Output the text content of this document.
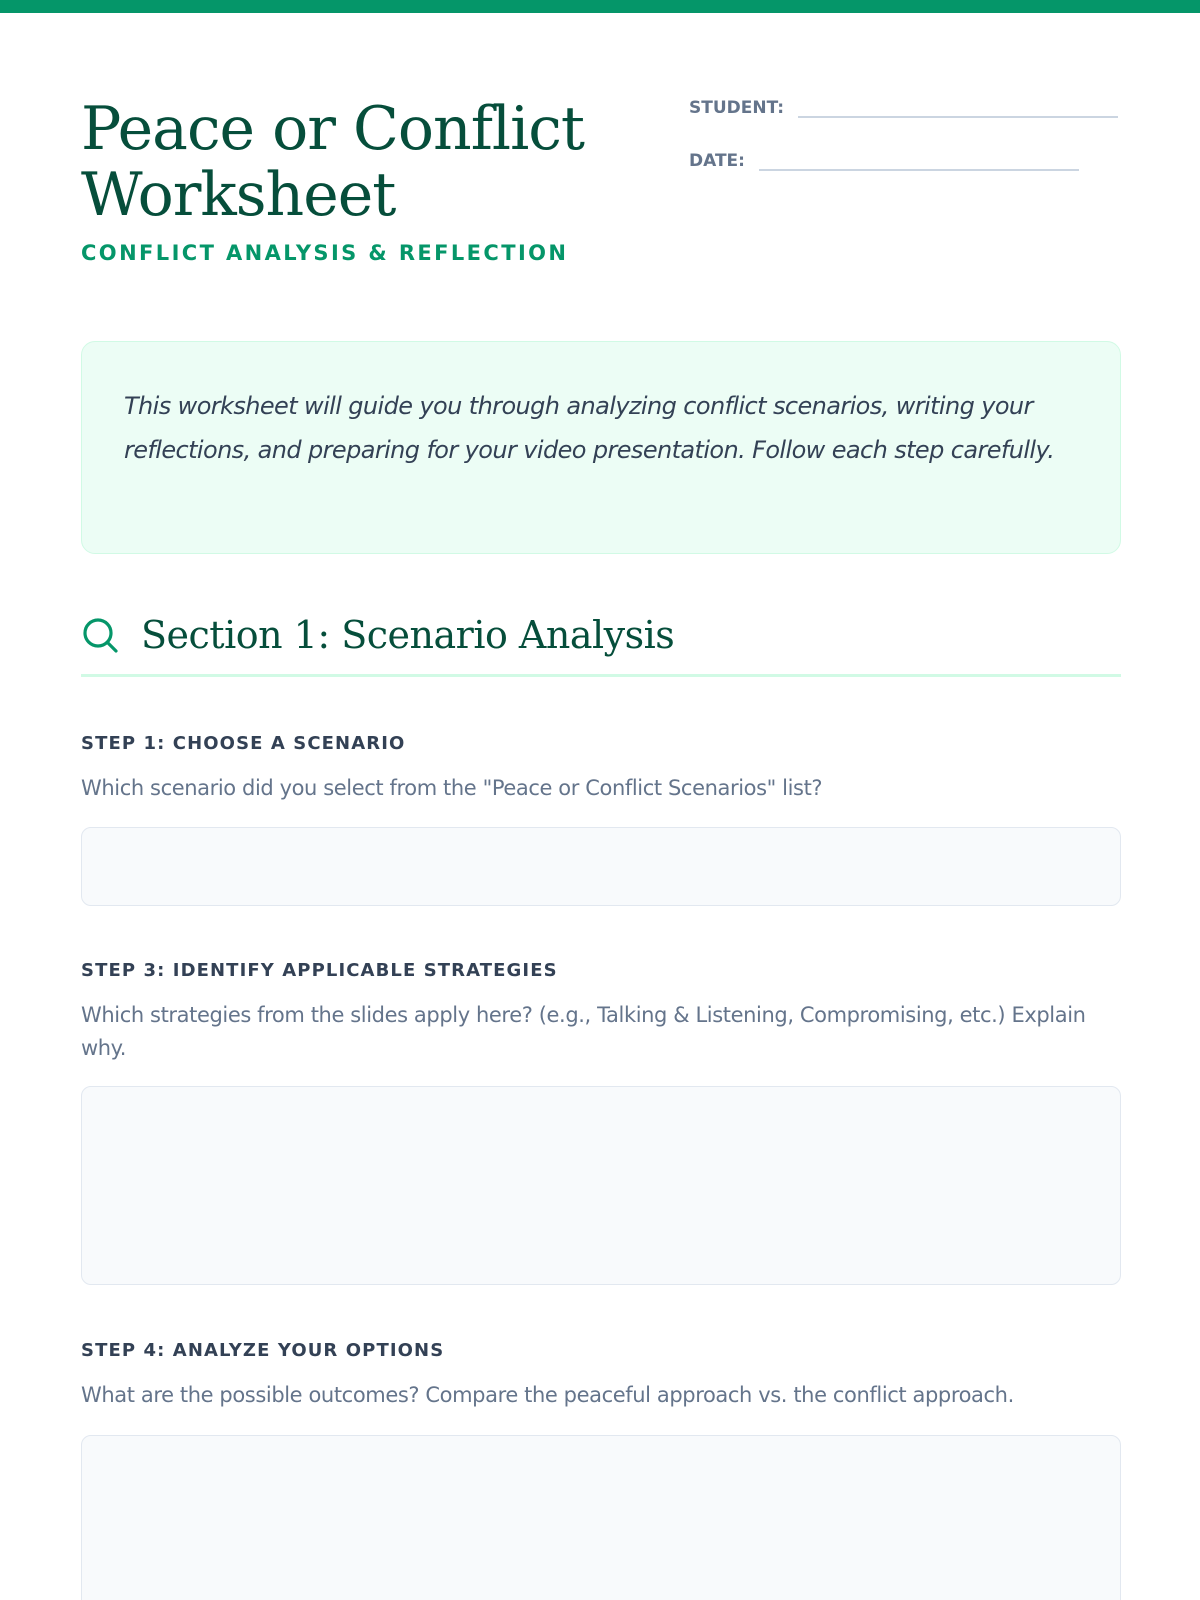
Peace or Conflict
Worksheet
CONFLICT ANALYSIS & REFLECTION
STUDENT:
DATE:

This worksheet will guide you through analyzing conflict scenarios, writing your reflections, and preparing for your video presentation. Follow each step carefully.

Section 1: Scenario Analysis
STEP 1: CHOOSE A SCENARIO
Which scenario did you select from the "Peace or Conflict Scenarios" list?
STEP 3: IDENTIFY APPLICABLE STRATEGIES
Which strategies from the slides apply here? (e.g., Talking & Listening, Compromising, etc.) Explain why.
STEP 4: ANALYZE YOUR OPTIONS
What are the possible outcomes? Compare the peaceful approach vs. the conflict approach.
